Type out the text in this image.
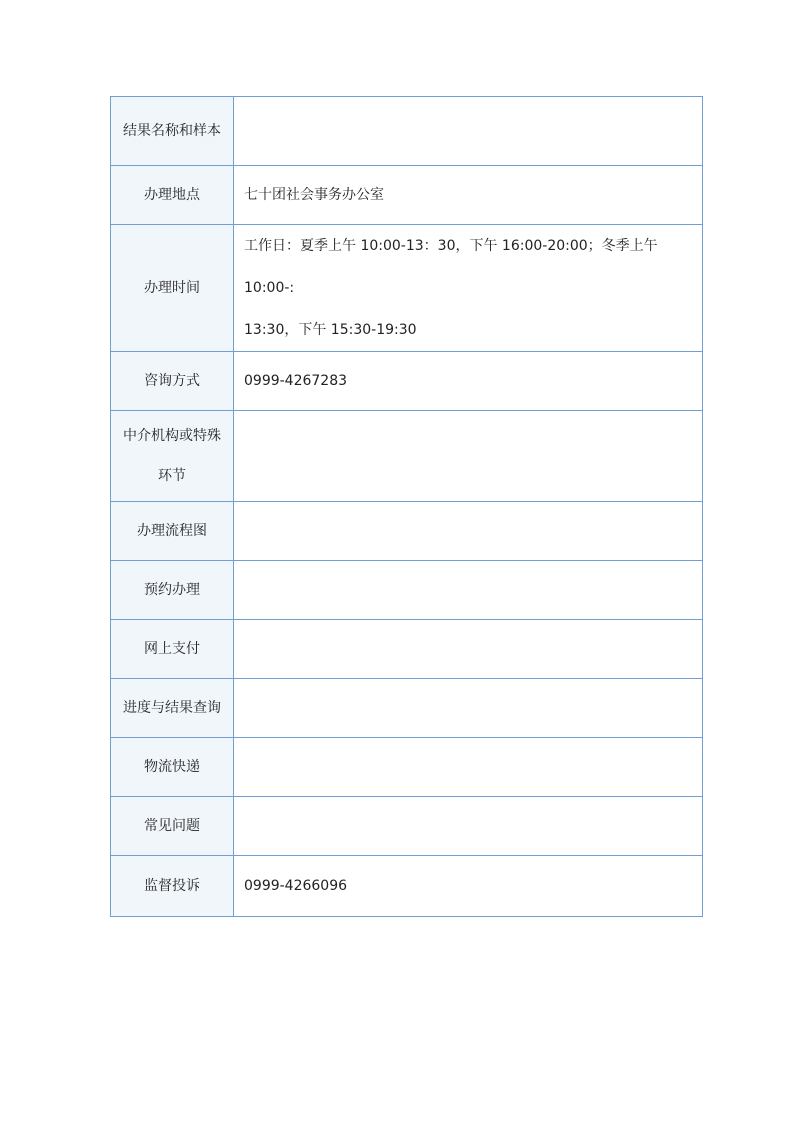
结果名称和样本	

办理地点	七十团社会事务办公室

办理时间	工作日：夏季上午 10:00-13：30，下午 16:00-20:00；冬季上午 10:00-:
13:30，下午 15:30-19:30

咨询方式	0999-4267283

中介机构或特殊环节	

办理流程图	

预约办理	

网上支付	

进度与结果查询	

物流快递	

常见问题	

监督投诉	0999-4266096
